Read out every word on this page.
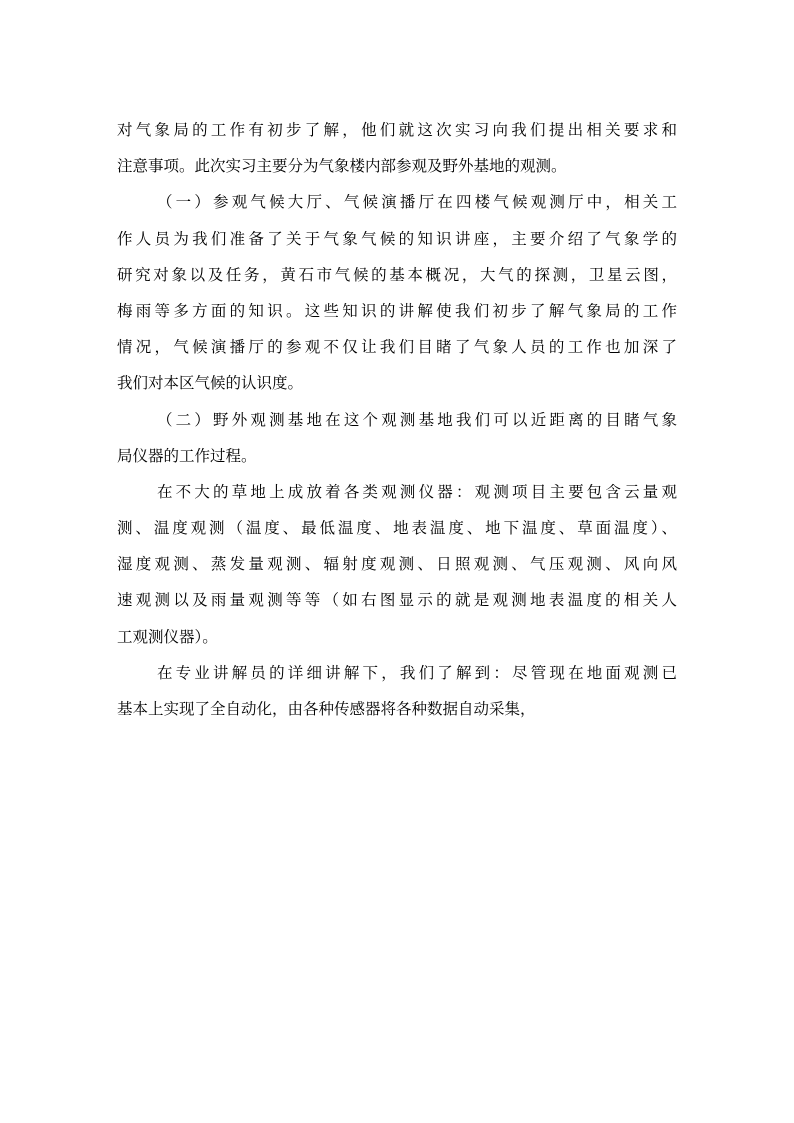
对气象局的工作有初步了解，他们就这次实习向我们提出相关要求和
注意事项。此次实习主要分为气象楼内部参观及野外基地的观测。
（一）参观气候大厅、气候演播厅在四楼气候观测厅中，相关工
作人员为我们准备了关于气象气候的知识讲座，主要介绍了气象学的
研究对象以及任务，黄石市气候的基本概况，大气的探测，卫星云图，
梅雨等多方面的知识。这些知识的讲解使我们初步了解气象局的工作
情况，气候演播厅的参观不仅让我们目睹了气象人员的工作也加深了
我们对本区气候的认识度。
（二）野外观测基地在这个观测基地我们可以近距离的目睹气象
局仪器的工作过程。
在不大的草地上成放着各类观测仪器：观测项目主要包含云量观
测、温度观测（温度、最低温度、地表温度、地下温度、草面温度）、
湿度观测、蒸发量观测、辐射度观测、日照观测、气压观测、风向风
速观测以及雨量观测等等（如右图显示的就是观测地表温度的相关人
工观测仪器）。
在专业讲解员的详细讲解下，我们了解到：尽管现在地面观测已
基本上实现了全自动化，由各种传感器将各种数据自动采集，
